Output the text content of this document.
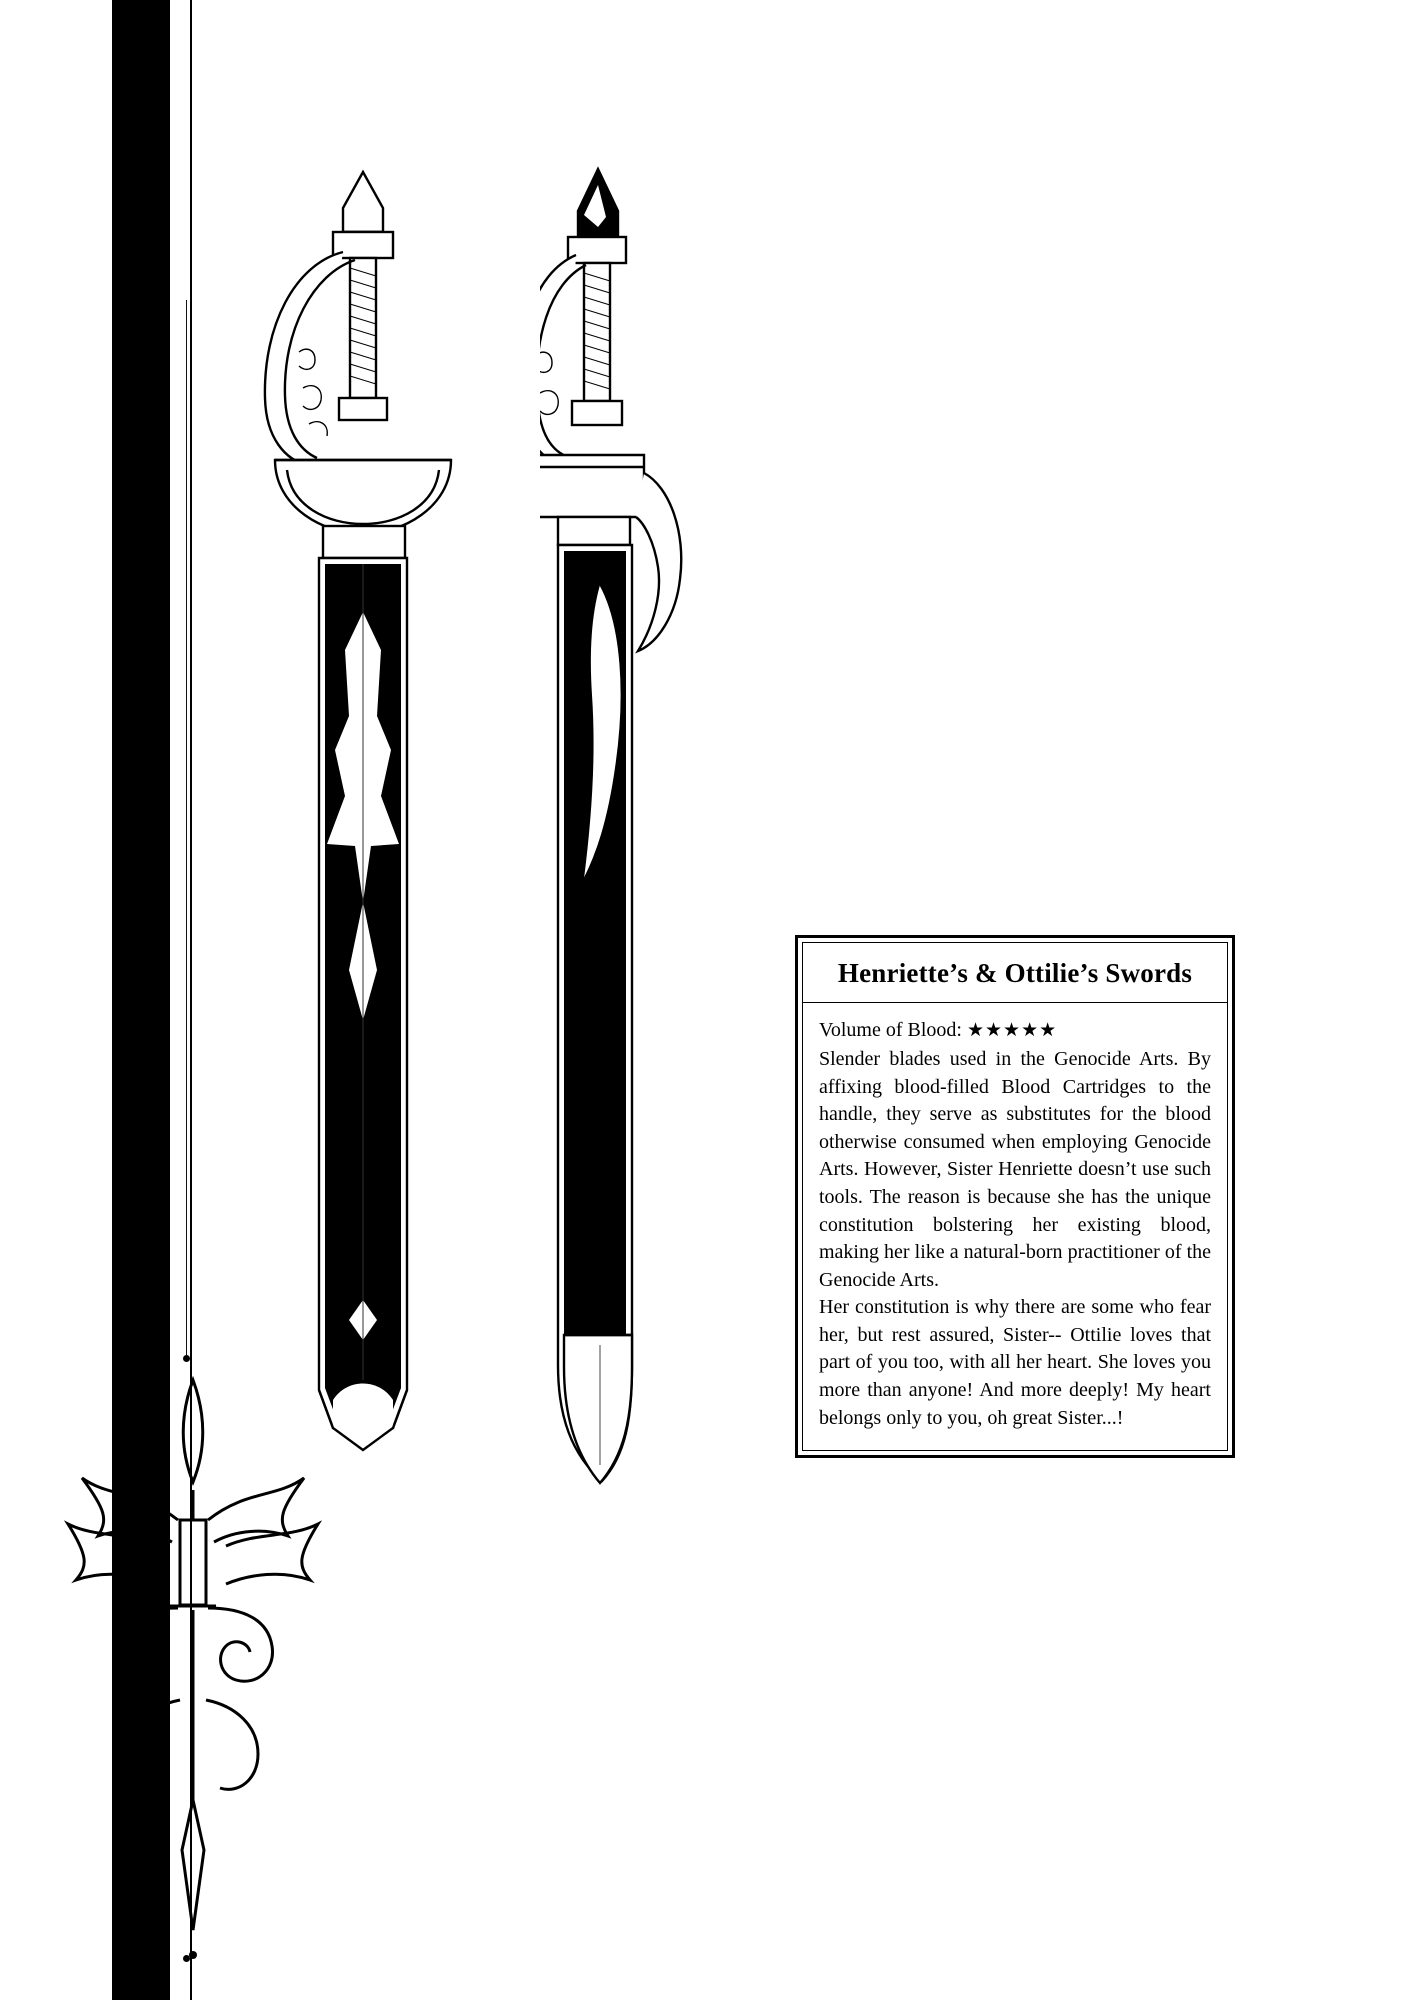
Henriette’s & Ottilie’s Swords
Volume of Blood: ★★★★★

Slender blades used in the Genocide Arts. By affixing blood-filled Blood Cartridges to the handle, they serve as substitutes for the blood otherwise consumed when employing Genocide Arts. However, Sister Henriette doesn’t use such tools. The reason is because she has the unique constitution bolstering her existing blood, making her like a natural-born practitioner of the Genocide Arts.

Her constitution is why there are some who fear her, but rest assured, Sister-- Ottilie loves that part of you too, with all her heart. She loves you more than anyone! And more deeply! My heart belongs only to you, oh great Sister...!
